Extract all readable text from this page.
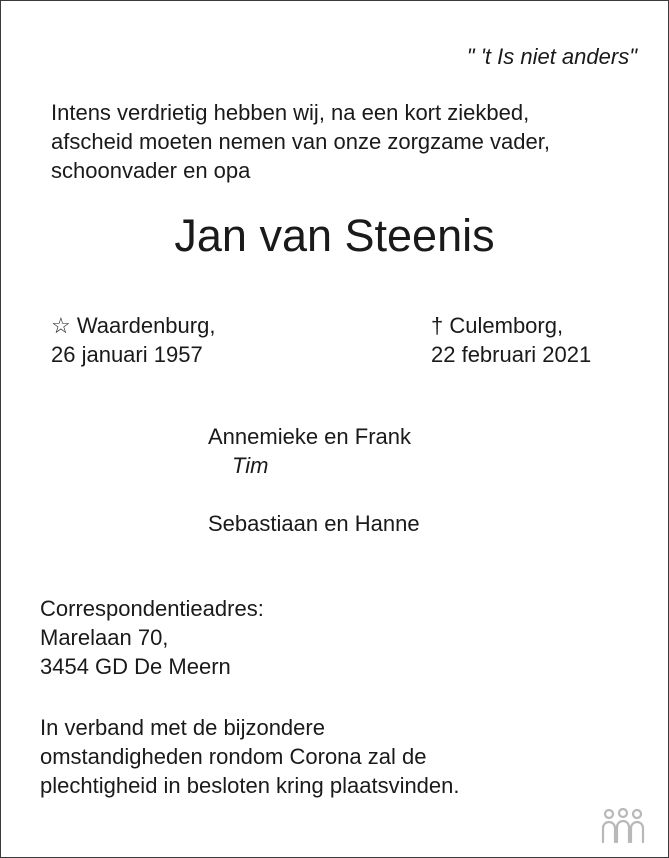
" 't Is niet anders"
Intens verdrietig hebben wij, na een kort ziekbed,
afscheid moeten nemen van onze zorgzame vader,
schoonvader en opa
Jan van Steenis
☆ Waardenburg,
26 januari 1957
† Culemborg,
22 februari 2021
Annemieke en Frank
Tim
Sebastiaan en Hanne
Correspondentieadres:
Marelaan 70,
3454 GD De Meern
In verband met de bijzondere
omstandigheden rondom Corona zal de
plechtigheid in besloten kring plaatsvinden.
